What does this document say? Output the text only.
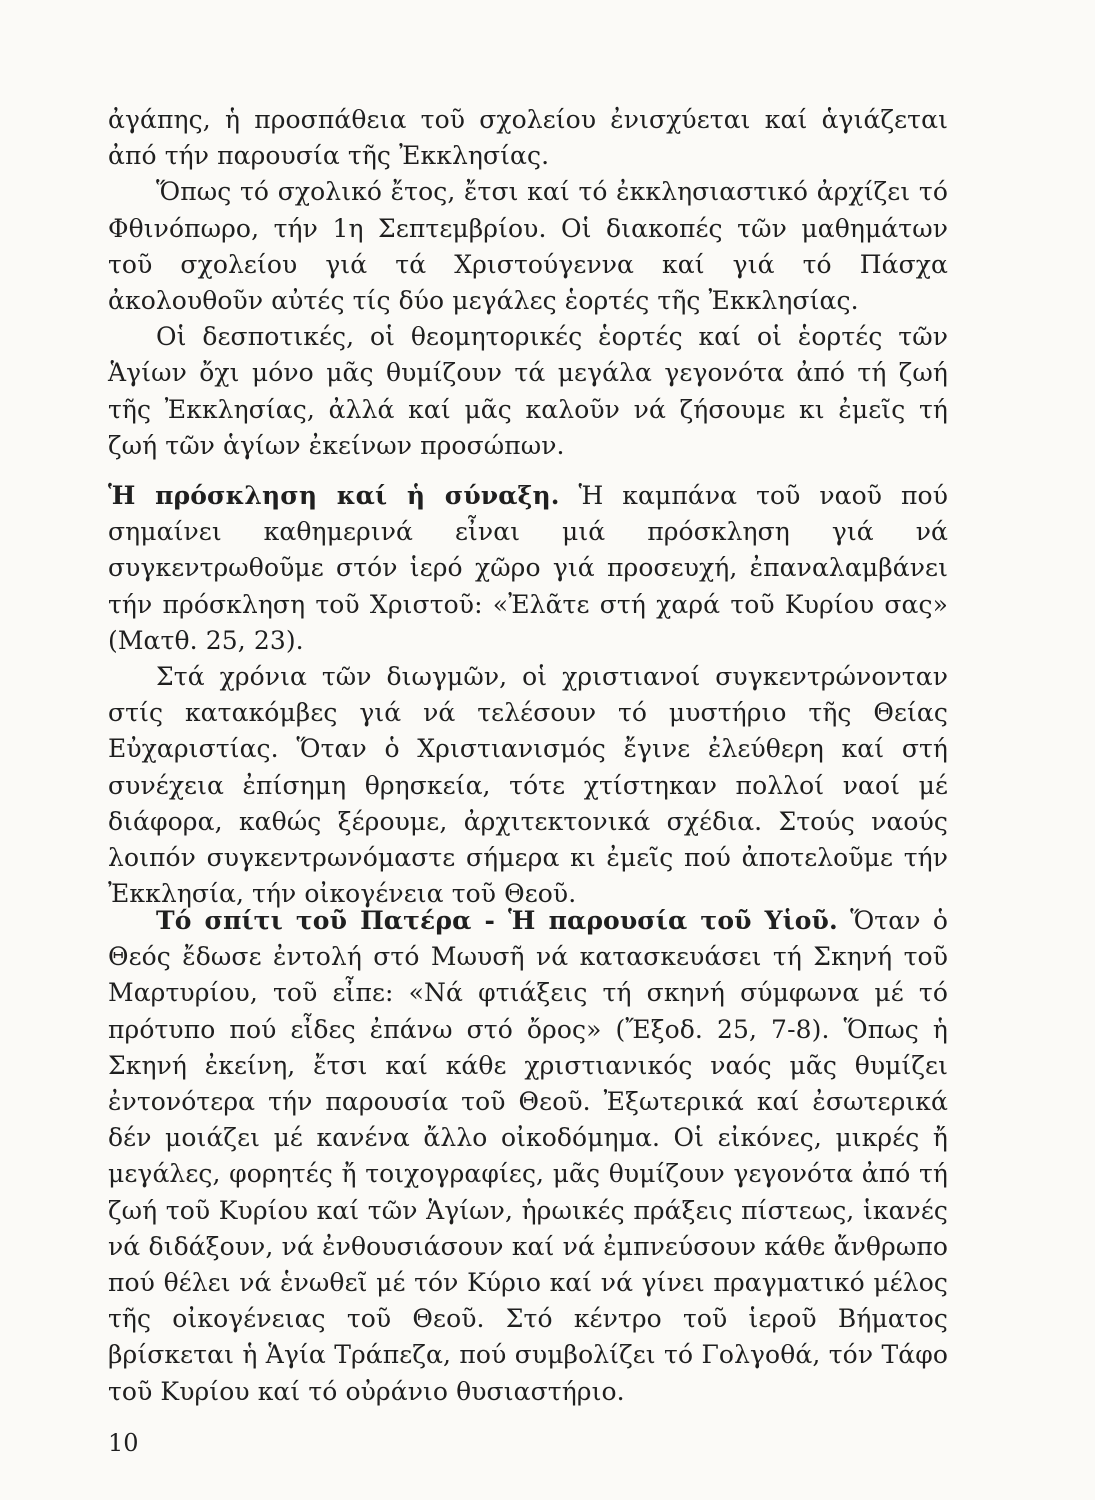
ἀγάπης, ἡ προσπάθεια τοῦ σχολείου ἐνισχύεται καί ἁγιάζεται ἀπό τήν παρουσία τῆς Ἐκκλησίας.

Ὅπως τό σχολικό ἔτος, ἔτσι καί τό ἐκκλησιαστικό ἀρχίζει τό Φθινόπωρο, τήν 1η Σεπτεμβρίου. Οἱ διακοπές τῶν μαθημάτων τοῦ σχολείου γιά τά Χριστούγεννα καί γιά τό Πάσχα ἀκολουθοῦν αὐτές τίς δύο μεγάλες ἑορτές τῆς Ἐκκλησίας.

Οἱ δεσποτικές, οἱ θεομητορικές ἑορτές καί οἱ ἑορτές τῶν Ἁγίων ὄχι μόνο μᾶς θυμίζουν τά μεγάλα γεγονότα ἀπό τή ζωή τῆς Ἐκκλησίας, ἀλλά καί μᾶς καλοῦν νά ζήσουμε κι ἐμεῖς τή ζωή τῶν ἁγίων ἐκείνων προσώπων.

Ἡ πρόσκληση καί ἡ σύναξη. Ἡ καμπάνα τοῦ ναοῦ πού σημαίνει καθημερινά εἶναι μιά πρόσκληση γιά νά συγκεντρωθοῦμε στόν ἱερό χῶρο γιά προσευχή, ἐπαναλαμβάνει τήν πρόσκληση τοῦ Χριστοῦ: «Ἐλᾶτε στή χαρά τοῦ Κυρίου σας» (Ματθ. 25, 23).

Στά χρόνια τῶν διωγμῶν, οἱ χριστιανοί συγκεντρώνονταν στίς κατακόμβες γιά νά τελέσουν τό μυστήριο τῆς Θείας Εὐχαριστίας. Ὅταν ὁ Χριστιανισμός ἔγινε ἐλεύθερη καί στή συνέχεια ἐπίσημη θρησκεία, τότε χτίστηκαν πολλοί ναοί μέ διάφορα, καθώς ξέρουμε, ἀρχιτεκτονικά σχέδια. Στούς ναούς λοιπόν συγκεντρωνόμαστε σήμερα κι ἐμεῖς πού ἀποτελοῦμε τήν Ἐκκλησία, τήν οἰκογένεια τοῦ Θεοῦ.

Τό σπίτι τοῦ Πατέρα - Ἡ παρουσία τοῦ Υἱοῦ. Ὅταν ὁ Θεός ἔδωσε ἐντολή στό Μωυσῆ νά κατασκευάσει τή Σκηνή τοῦ Μαρτυρίου, τοῦ εἶπε: «Νά φτιάξεις τή σκηνή σύμφωνα μέ τό πρότυπο πού εἶδες ἐπάνω στό ὄρος» (Ἔξοδ. 25, 7-8). Ὅπως ἡ Σκηνή ἐκείνη, ἔτσι καί κάθε χριστιανικός ναός μᾶς θυμίζει ἐντονότερα τήν παρουσία τοῦ Θεοῦ. Ἐξωτερικά καί ἐσωτερικά δέν μοιάζει μέ κανένα ἄλλο οἰκοδόμημα. Οἱ εἰκόνες, μικρές ἤ μεγάλες, φορητές ἤ τοιχογραφίες, μᾶς θυμίζουν γεγονότα ἀπό τή ζωή τοῦ Κυρίου καί τῶν Ἁγίων, ἡρωικές πράξεις πίστεως, ἱκανές νά διδάξουν, νά ἐνθουσιάσουν καί νά ἐμπνεύσουν κάθε ἄνθρωπο πού θέλει νά ἑνωθεῖ μέ τόν Κύριο καί νά γίνει πραγματικό μέλος τῆς οἰκογένειας τοῦ Θεοῦ. Στό κέντρο τοῦ ἱεροῦ Βήματος βρίσκεται ἡ Ἁγία Τράπεζα, πού συμβολίζει τό Γολγοθά, τόν Τάφο τοῦ Κυρίου καί τό οὐράνιο θυσιαστήριο.

10
